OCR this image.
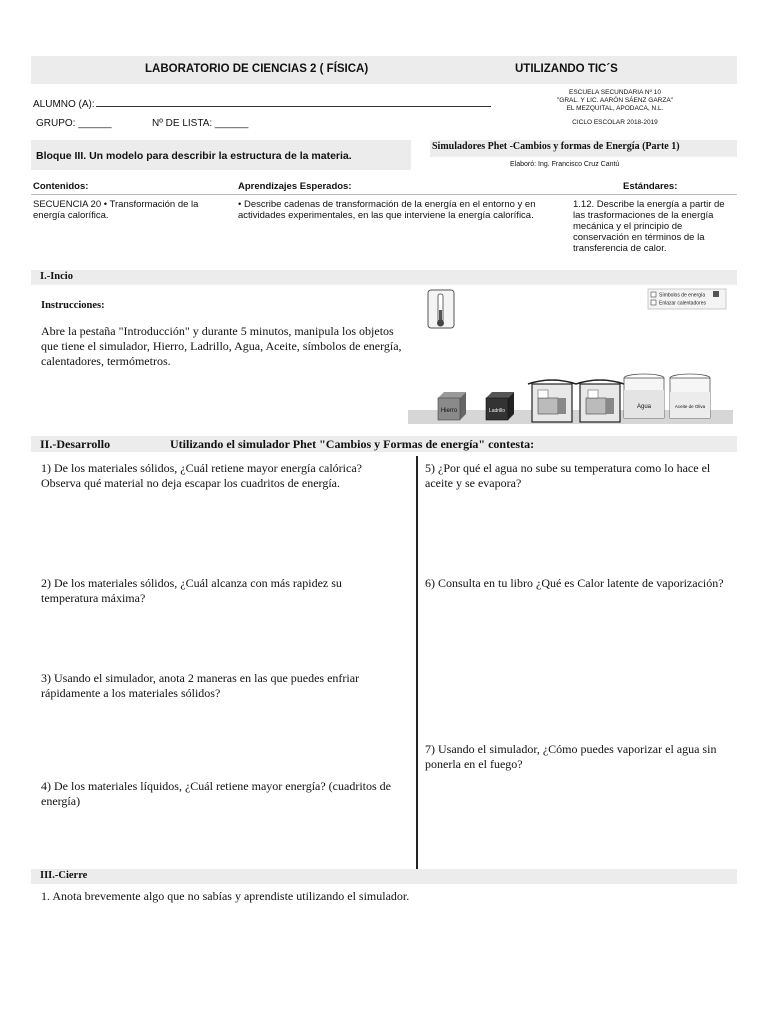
LABORATORIO DE CIENCIAS 2 ( FÍSICA)	UTILIZANDO TIC´S
ALUMNO (A):
GRUPO: ______	Nº DE LISTA: ______
ESCUELA SECUNDARIA Nº 10
"GRAL. Y LIC. AARÓN SÁENZ GARZA"
EL MEZQUITAL, APODACA, N.L.
CICLO ESCOLAR 2018-2019
Bloque III. Un modelo para describir la estructura de la materia.
Simuladores Phet -Cambios y formas de Energía (Parte 1)
Elaboró: Ing. Francisco Cruz Cantú
Contenidos:	Aprendizajes Esperados:	Estándares:
SECUENCIA 20 • Transformación de la energía calorífica.
• Describe cadenas de transformación de la energía en el entorno y en actividades experimentales, en las que interviene la energía calorífica.
1.12. Describe la energía a partir de las trasformaciones de la energía mecánica y el principio de conservación en términos de la transferencia de calor.
I.-Incio
Instrucciones:
Abre la pestaña "Introducción" y durante 5 minutos, manipula los objetos que tiene el simulador, Hierro, Ladrillo, Agua, Aceite, símbolos de energía, calentadores, termómetros.
Símbolos de energía
Enlazar calentadores
Hierro	Ladrillo
Agua	Aceite de Oliva
II.-Desarrollo	Utilizando el simulador Phet "Cambios y Formas de energía" contesta:
1) De los materiales sólidos, ¿Cuál retiene mayor energía calórica? Observa qué material no deja escapar los cuadritos de energía.
2) De los materiales sólidos, ¿Cuál alcanza con más rapidez su temperatura máxima?
3) Usando el simulador, anota 2 maneras en las que puedes enfriar rápidamente a los materiales sólidos?
4) De los materiales líquidos, ¿Cuál retiene mayor energía? (cuadritos de energía)
5) ¿Por qué el agua no sube su temperatura como lo hace el aceite y se evapora?
6) Consulta en tu libro ¿Qué es Calor latente de vaporización?
7) Usando el simulador, ¿Cómo puedes vaporizar el agua sin ponerla en el fuego?
III.-Cierre
1. Anota brevemente algo que no sabías y aprendiste utilizando el simulador.
